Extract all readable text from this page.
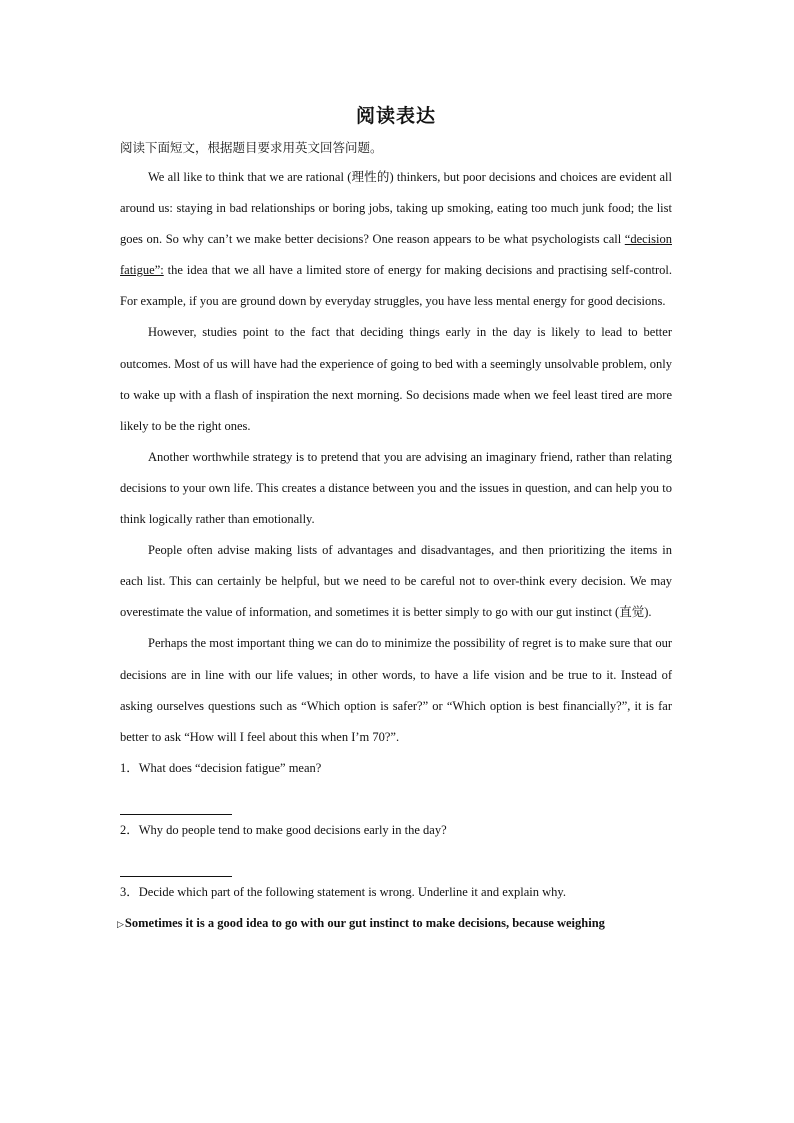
阅读表达

阅读下面短文，根据题目要求用英文回答问题。

We all like to think that we are rational (理性的) thinkers, but poor decisions and choices are evident all around us: staying in bad relationships or boring jobs, taking up smoking, eating too much junk food; the list goes on. So why can’t we make better decisions? One reason appears to be what psychologists call “decision fatigue”: the idea that we all have a limited store of energy for making decisions and practising self-control. For example, if you are ground down by everyday struggles, you have less mental energy for good decisions.

However, studies point to the fact that deciding things early in the day is likely to lead to better outcomes. Most of us will have had the experience of going to bed with a seemingly unsolvable problem, only to wake up with a flash of inspiration the next morning. So decisions made when we feel least tired are more likely to be the right ones.

Another worthwhile strategy is to pretend that you are advising an imaginary friend, rather than relating decisions to your own life. This creates a distance between you and the issues in question, and can help you to think logically rather than emotionally.

People often advise making lists of advantages and disadvantages, and then prioritizing the items in each list. This can certainly be helpful, but we need to be careful not to over-think every decision. We may overestimate the value of information, and sometimes it is better simply to go with our gut instinct (直觉).

Perhaps the most important thing we can do to minimize the possibility of regret is to make sure that our decisions are in line with our life values; in other words, to have a life vision and be true to it. Instead of asking ourselves questions such as “Which option is safer?” or “Which option is best financially?”, it is far better to ask “How will I feel about this when I’m 70?”.

1．What does “decision fatigue” mean?

2．Why do people tend to make good decisions early in the day?

3．Decide which part of the following statement is wrong. Underline it and explain why.

▷Sometimes it is a good idea to go with our gut instinct to make decisions, because weighing
